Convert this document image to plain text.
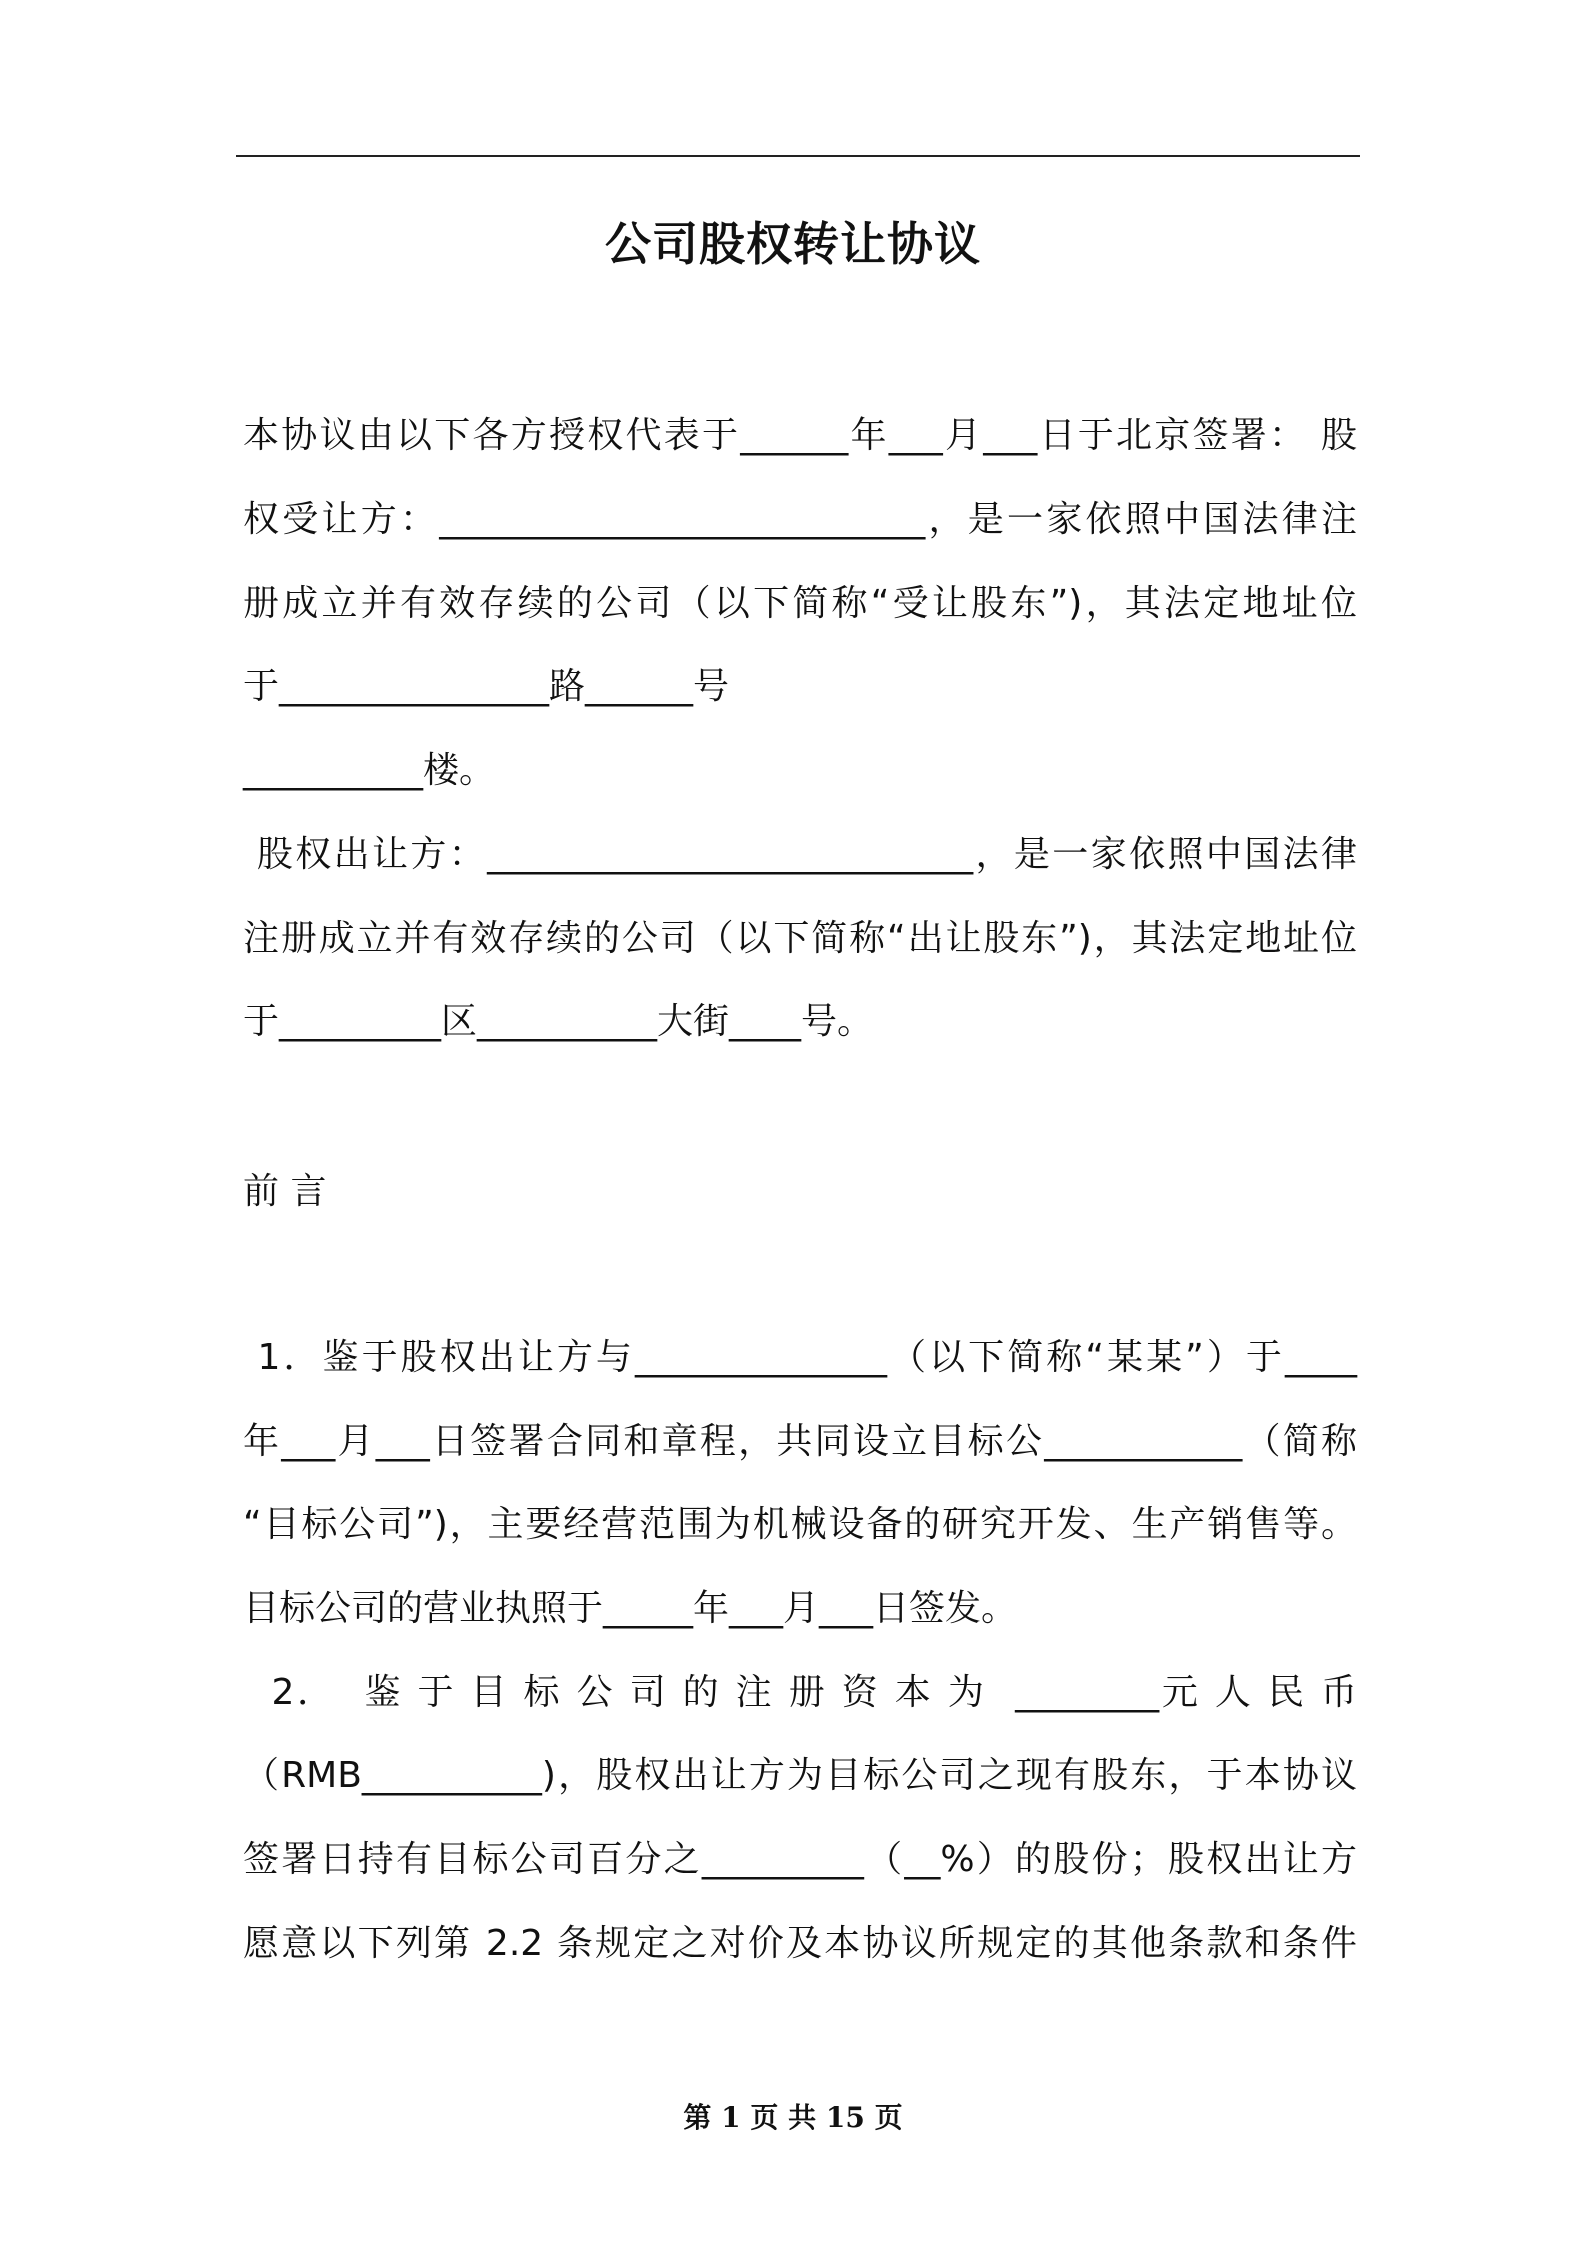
公司股权转让协议
本协议由以下各方授权代表于______年___月___日于北京签署： 股
权受让方：___________________________，是一家依照中国法律注
册成立并有效存续的公司（以下简称“受让股东”)，其法定地址位
于_______________路______号
__________楼。
股权出让方：___________________________，是一家依照中国法律
注册成立并有效存续的公司（以下简称“出让股东”)，其法定地址位
于_________区__________大街____号。
前 言
1．鉴于股权出让方与______________（以下简称“某某”）于____
年___月___日签署合同和章程，共同设立目标公___________（简称
“目标公司”)，主要经营范围为机械设备的研究开发、生产销售等。
目标公司的营业执照于_____年___月___日签发。
2．  鉴 于 目 标 公 司 的 注 册 资 本 为  ________元 人 民 币
（RMB__________)，股权出让方为目标公司之现有股东，于本协议
签署日持有目标公司百分之_________（__%）的股份；股权出让方
愿意以下列第 2.2 条规定之对价及本协议所规定的其他条款和条件
第 1 页 共 15 页
